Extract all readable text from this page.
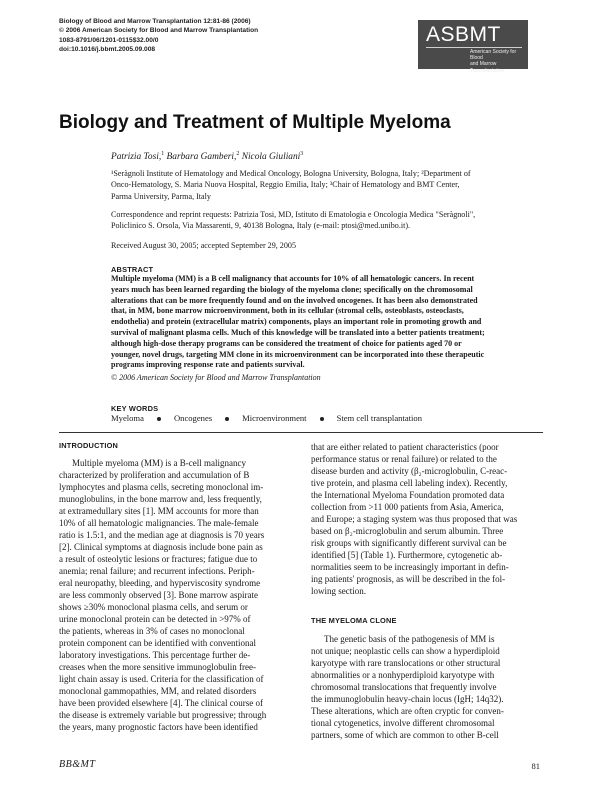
Biology of Blood and Marrow Transplantation 12:81-86 (2006)
© 2006 American Society for Blood and Marrow Transplantation
1083-8791/06/1201-0115$32.00/0
doi:10.1016/j.bbmt.2005.09.008
ASBMT
American Society for Blood
and Marrow Transplantation
Biology and Treatment of Multiple Myeloma
Patrizia Tosi,$^1$ Barbara Gamberi,$^2$ Nicola Giuliani$^3$
¹Seràgnoli Institute of Hematology and Medical Oncology, Bologna University, Bologna, Italy; ²Department of
Onco-Hematology, S. Maria Nuova Hospital, Reggio Emilia, Italy; ³Chair of Hematology and BMT Center,
Parma University, Parma, Italy
Correspondence and reprint requests: Patrizia Tosi, MD, Istituto di Ematologia e Oncologia Medica "Seràgnoli",
Policlinico S. Orsola, Via Massarenti, 9, 40138 Bologna, Italy (e-mail: ptosi@med.unibo.it).
Received August 30, 2005; accepted September 29, 2005
ABSTRACT
Multiple myeloma (MM) is a B cell malignancy that accounts for 10% of all hematologic cancers. In recent
years much has been learned regarding the biology of the myeloma clone; specifically on the chromosomal
alterations that can be more frequently found and on the involved oncogenes. It has been also demonstrated
that, in MM, bone marrow microenvironment, both in its cellular (stromal cells, osteoblasts, osteoclasts,
endothelia) and protein (extracellular matrix) components, plays an important role in promoting growth and
survival of malignant plasma cells. Much of this knowledge will be translated into a better patients treatment;
although high-dose therapy programs can be considered the treatment of choice for patients aged 70 or
younger, novel drugs, targeting MM clone in its microenvironment can be incorporated into these therapeutic
programs improving response rate and patients survival.
© 2006 American Society for Blood and Marrow Transplantation
KEY WORDS
Myeloma	Oncogenes	Microenvironment	Stem cell transplantation
INTRODUCTION
Multiple myeloma (MM) is a B-cell malignancy
characterized by proliferation and accumulation of B
lymphocytes and plasma cells, secreting monoclonal im-
munoglobulins, in the bone marrow and, less frequently,
at extramedullary sites [1]. MM accounts for more than
10% of all hematologic malignancies. The male-female
ratio is 1.5:1, and the median age at diagnosis is 70 years
[2]. Clinical symptoms at diagnosis include bone pain as
a result of osteolytic lesions or fractures; fatigue due to
anemia; renal failure; and recurrent infections. Periph-
eral neuropathy, bleeding, and hyperviscosity syndrome
are less commonly observed [3]. Bone marrow aspirate
shows ≥30% monoclonal plasma cells, and serum or
urine monoclonal protein can be detected in >97% of
the patients, whereas in 3% of cases no monoclonal
protein component can be identified with conventional
laboratory investigations. This percentage further de-
creases when the more sensitive immunoglobulin free-
light chain assay is used. Criteria for the classification of
monoclonal gammopathies, MM, and related disorders
have been provided elsewhere [4]. The clinical course of
the disease is extremely variable but progressive; through
the years, many prognostic factors have been identified
that are either related to patient characteristics (poor
performance status or renal failure) or related to the
disease burden and activity (β₂-microglobulin, C-reac-
tive protein, and plasma cell labeling index). Recently,
the International Myeloma Foundation promoted data
collection from >11 000 patients from Asia, America,
and Europe; a staging system was thus proposed that was
based on β₂-microglobulin and serum albumin. Three
risk groups with significantly different survival can be
identified [5] (Table 1). Furthermore, cytogenetic ab-
normalities seem to be increasingly important in defin-
ing patients' prognosis, as will be described in the fol-
lowing section.
THE MYELOMA CLONE
The genetic basis of the pathogenesis of MM is
not unique; neoplastic cells can show a hyperdiploid
karyotype with rare translocations or other structural
abnormalities or a nonhyperdiploid karyotype with
chromosomal translocations that frequently involve
the immunoglobulin heavy-chain locus (IgH; 14q32).
These alterations, which are often cryptic for conven-
tional cytogenetics, involve different chromosomal
partners, some of which are common to other B-cell
BB&MT	81
